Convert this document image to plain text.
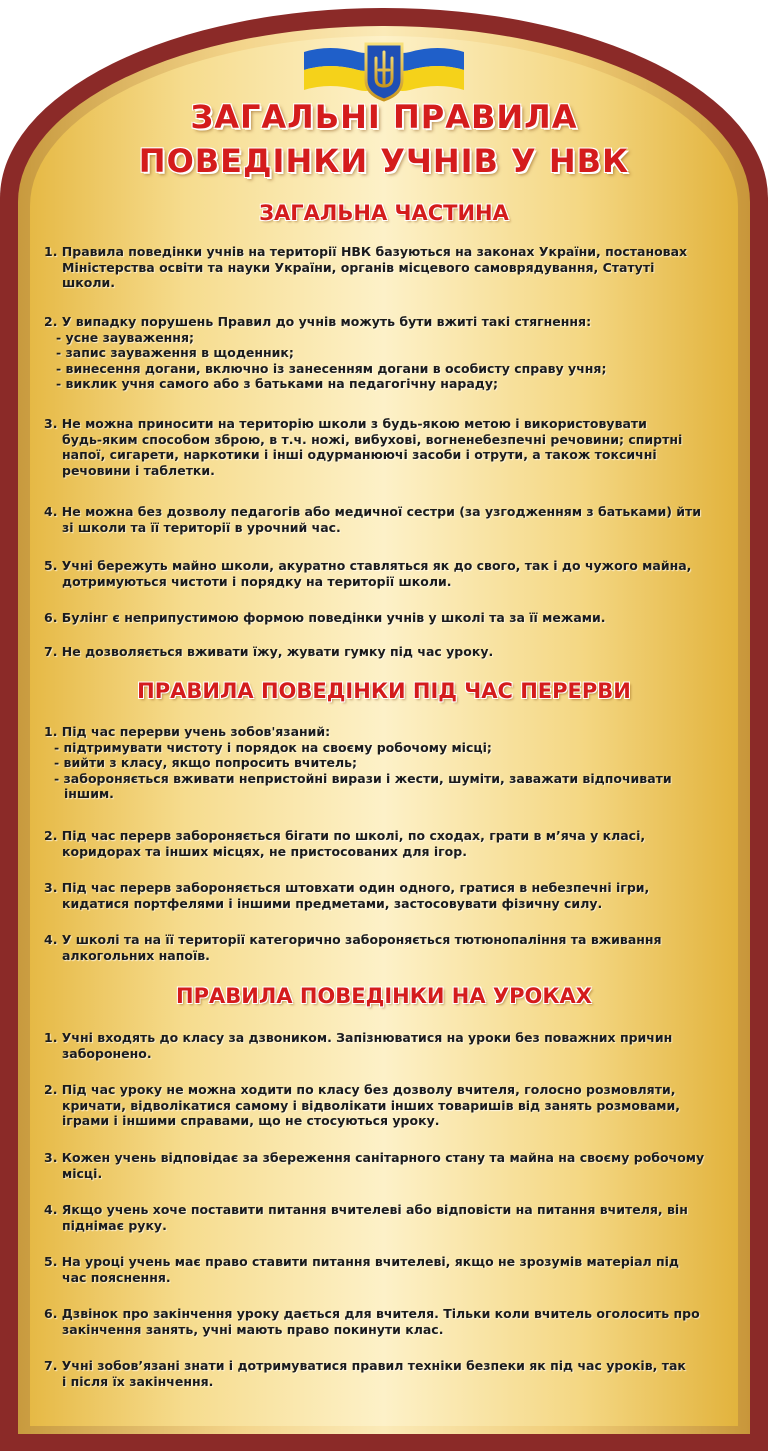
ЗАГАЛЬНІ ПРАВИЛА
ПОВЕДІНКИ УЧНІВ У НВК
ЗАГАЛЬНА ЧАСТИНА
1. Правила поведінки учнів на території НВК базуються на законах України, постановах
Міністерства освіти та науки України, органів місцевого самоврядування, Статуті
школи.
2. У випадку порушень Правил до учнів можуть бути вжиті такі стягнення:
- усне зауваження;
- запис зауваження в щоденник;
- винесення догани, включно із занесенням догани в особисту справу учня;
- виклик учня самого або з батьками на педагогічну нараду;
3. Не можна приносити на територію школи з будь-якою метою і використовувати
будь-яким способом зброю, в т.ч. ножі, вибухові, вогненебезпечні речовини; спиртні
напої, сигарети, наркотики і інші одурманюючі засоби і отрути, а також токсичні
речовини і таблетки.
4. Не можна без дозволу педагогів або медичної сестри (за узгодженням з батьками) йти
зі школи та її території в урочний час.
5. Учні бережуть майно школи, акуратно ставляться як до свого, так і до чужого майна,
дотримуються чистоти і порядку на території школи.
6. Булінг є неприпустимою формою поведінки учнів у школі та за її межами.
7. Не дозволяється вживати їжу, жувати гумку під час уроку.
ПРАВИЛА ПОВЕДІНКИ ПІД ЧАС ПЕРЕРВИ
1. Під час перерви учень зобов'язаний:
- підтримувати чистоту і порядок на своєму робочому місці;
- вийти з класу, якщо попросить вчитель;
- забороняється вживати непристойні вирази і жести, шуміти, заважати відпочивати
іншим.
2. Під час перерв забороняється бігати по школі, по сходах, грати в м’яча у класі,
коридорах та інших місцях, не пристосованих для ігор.
3. Під час перерв забороняється штовхати один одного, гратися в небезпечні ігри,
кидатися портфелями і іншими предметами, застосовувати фізичну силу.
4. У школі та на її території категорично забороняється тютюнопаління та вживання
алкогольних напоїв.
ПРАВИЛА ПОВЕДІНКИ НА УРОКАХ
1. Учні входять до класу за дзвоником. Запізнюватися на уроки без поважних причин
заборонено.
2. Під час уроку не можна ходити по класу без дозволу вчителя, голосно розмовляти,
кричати, відволікатися самому і відволікати інших товаришів від занять розмовами,
іграми і іншими справами, що не стосуються уроку.
3. Кожен учень відповідає за збереження санітарного стану та майна на своєму робочому
місці.
4. Якщо учень хоче поставити питання вчителеві або відповісти на питання вчителя, він
піднімає руку.
5. На уроці учень має право ставити питання вчителеві, якщо не зрозумів матеріал під
час пояснення.
6. Дзвінок про закінчення уроку дається для вчителя. Тільки коли вчитель оголосить про
закінчення занять, учні мають право покинути клас.
7. Учні зобов’язані знати і дотримуватися правил техніки безпеки як під час уроків, так
і після їх закінчення.
